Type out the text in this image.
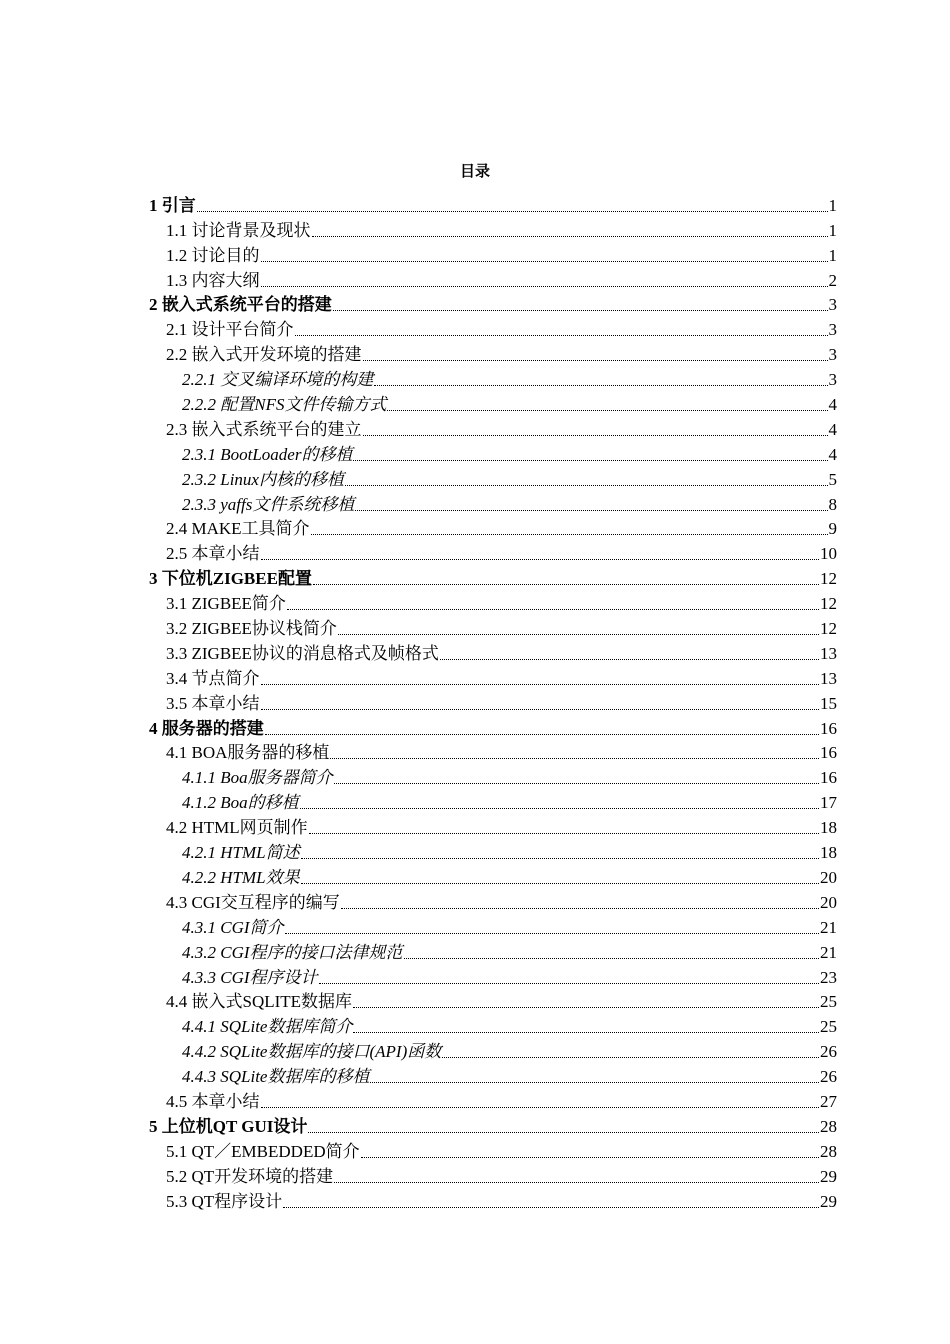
目录
1 引言	1
1.1 讨论背景及现状	1
1.2 讨论目的	1
1.3 内容大纲	2
2 嵌入式系统平台的搭建	3
2.1 设计平台简介	3
2.2 嵌入式开发环境的搭建	3
2.2.1 交叉编译环境的构建	3
2.2.2 配置NFS文件传输方式	4
2.3 嵌入式系统平台的建立	4
2.3.1 BootLoader的移植	4
2.3.2 Linux内核的移植	5
2.3.3 yaffs文件系统移植	8
2.4 MAKE工具简介	9
2.5 本章小结	10
3 下位机ZIGBEE配置	12
3.1 ZIGBEE简介	12
3.2 ZIGBEE协议栈简介	12
3.3 ZIGBEE协议的消息格式及帧格式	13
3.4 节点简介	13
3.5 本章小结	15
4 服务器的搭建	16
4.1 BOA服务器的移植	16
4.1.1 Boa服务器简介	16
4.1.2 Boa的移植	17
4.2 HTML网页制作	18
4.2.1 HTML简述	18
4.2.2 HTML效果	20
4.3 CGI交互程序的编写	20
4.3.1 CGI简介	21
4.3.2 CGI程序的接口法律规范	21
4.3.3 CGI程序设计	23
4.4 嵌入式SQLITE数据库	25
4.4.1 SQLite数据库简介	25
4.4.2 SQLite数据库的接口(API)函数	26
4.4.3 SQLite数据库的移植	26
4.5 本章小结	27
5 上位机QT GUI设计	28
5.1 QT／EMBEDDED简介	28
5.2 QT开发环境的搭建	29
5.3 QT程序设计	29
